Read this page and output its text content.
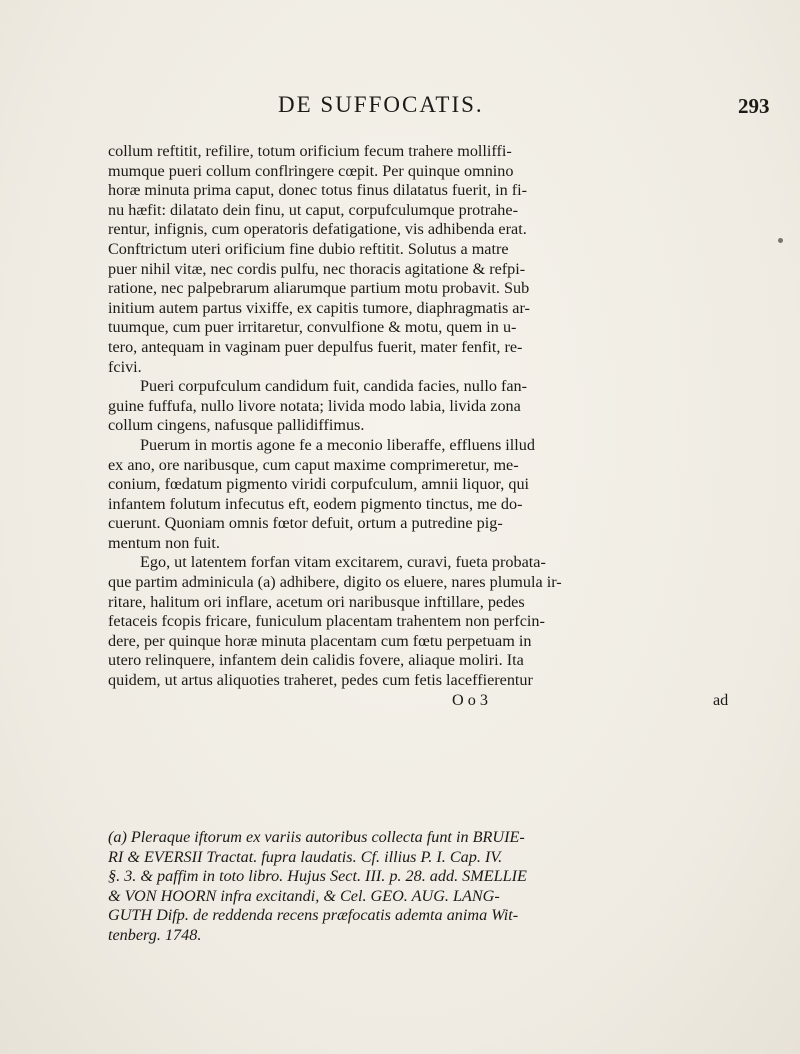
DE SUFFOCATIS.	293
collum reftitit, refilire, totum orificium fecum trahere molliffi-
mumque pueri collum conflringere cœpit. Per quinque omnino
horæ minuta prima caput, donec totus finus dilatatus fuerit, in fi-
nu hæfit: dilatato dein finu, ut caput, corpufculumque protrahe-
rentur, infignis, cum operatoris defatigatione, vis adhibenda erat.
Conftrictum uteri orificium fine dubio reftitit. Solutus a matre
puer nihil vitæ, nec cordis pulfu, nec thoracis agitatione & refpi-
ratione, nec palpebrarum aliarumque partium motu probavit. Sub
initium autem partus vixiffe, ex capitis tumore, diaphragmatis ar-
tuumque, cum puer irritaretur, convulfione & motu, quem in u-
tero, antequam in vaginam puer depulfus fuerit, mater fenfit, re-
fcivi.
Pueri corpufculum candidum fuit, candida facies, nullo fan-
guine fuffufa, nullo livore notata; livida modo labia, livida zona
collum cingens, nafusque pallidiffimus.
Puerum in mortis agone fe a meconio liberaffe, effluens illud
ex ano, ore naribusque, cum caput maxime comprimeretur, me-
conium, fœdatum pigmento viridi corpufculum, amnii liquor, qui
infantem folutum infecutus eft, eodem pigmento tinctus, me do-
cuerunt. Quoniam omnis fœtor defuit, ortum a putredine pig-
mentum non fuit.
Ego, ut latentem forfan vitam excitarem, curavi, fueta probata-
que partim adminicula (a) adhibere, digito os eluere, nares plumula ir-
ritare, halitum ori inflare, acetum ori naribusque inftillare, pedes
fetaceis fcopis fricare, funiculum placentam trahentem non perfcin-
dere, per quinque horæ minuta placentam cum fœtu perpetuam in
utero relinquere, infantem dein calidis fovere, aliaque moliri. Ita
quidem, ut artus aliquoties traheret, pedes cum fetis laceffierentur
O o 3	ad
(a) Pleraque iftorum ex variis autoribus collecta funt in BRUIE-
RI & EVERSII Tractat. fupra laudatis. Cf. illius P. I. Cap. IV.
§. 3. & paffim in toto libro. Hujus Sect. III. p. 28. add. SMELLIE
& VON HOORN infra excitandi, & Cel. GEO. AUG. LANG-
GUTH Difp. de reddenda recens præfocatis ademta anima Wit-
tenberg. 1748.
